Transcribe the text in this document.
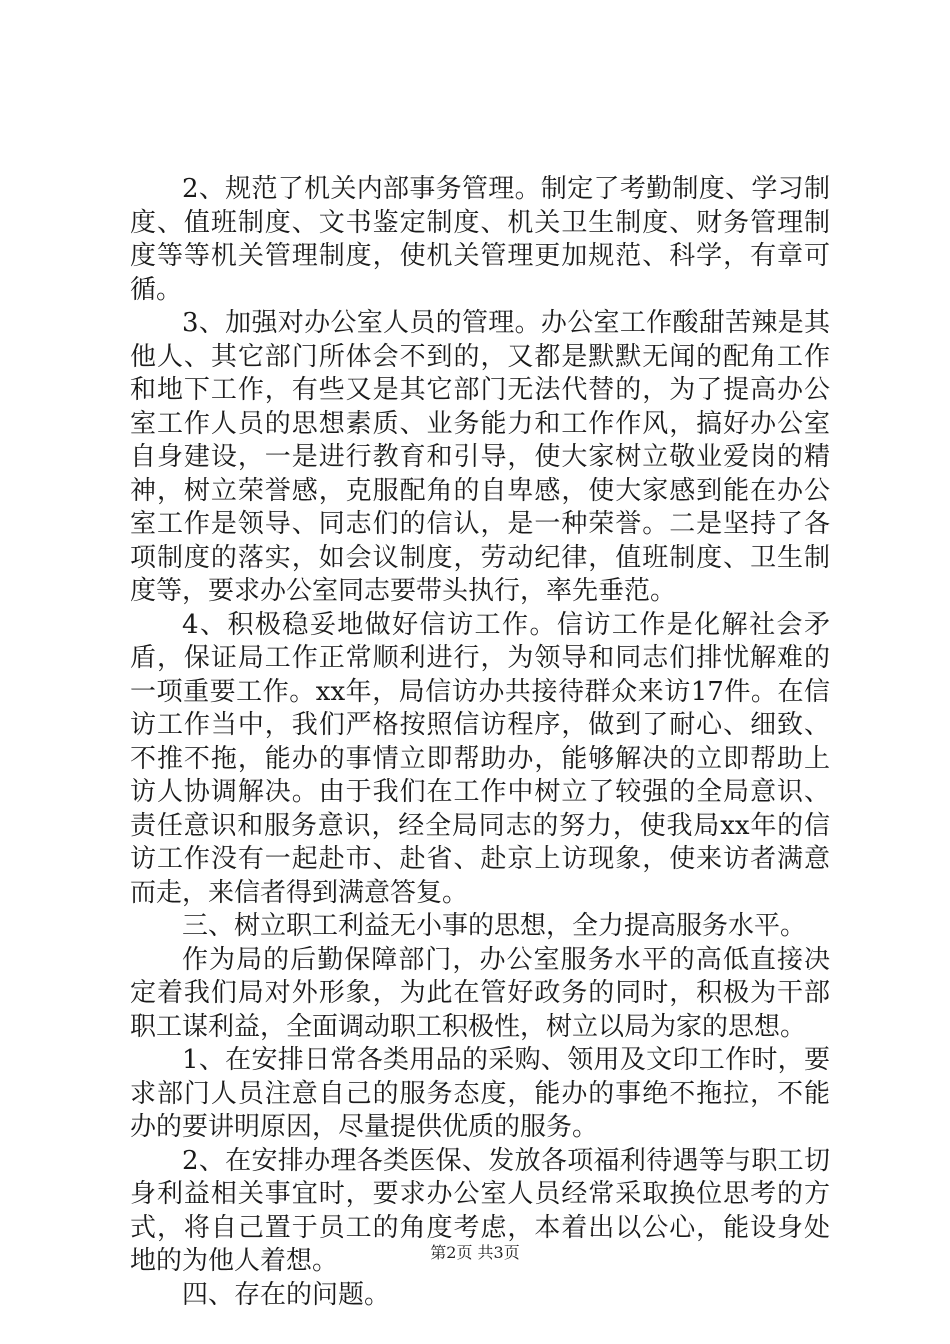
2、规范了机关内部事务管理。制定了考勤制度、学习制度、值班制度、文书鉴定制度、机关卫生制度、财务管理制度等等机关管理制度，使机关管理更加规范、科学，有章可循。

3、加强对办公室人员的管理。办公室工作酸甜苦辣是其他人、其它部门所体会不到的，又都是默默无闻的配角工作和地下工作，有些又是其它部门无法代替的，为了提高办公室工作人员的思想素质、业务能力和工作作风，搞好办公室自身建设，一是进行教育和引导，使大家树立敬业爱岗的精神，树立荣誉感，克服配角的自卑感，使大家感到能在办公室工作是领导、同志们的信认，是一种荣誉。二是坚持了各项制度的落实，如会议制度，劳动纪律，值班制度、卫生制度等，要求办公室同志要带头执行，率先垂范。

4、积极稳妥地做好信访工作。信访工作是化解社会矛盾，保证局工作正常顺利进行，为领导和同志们排忧解难的一项重要工作。xx年，局信访办共接待群众来访17件。在信访工作当中，我们严格按照信访程序，做到了耐心、细致、不推不拖，能办的事情立即帮助办，能够解决的立即帮助上访人协调解决。由于我们在工作中树立了较强的全局意识、责任意识和服务意识，经全局同志的努力，使我局xx年的信访工作没有一起赴市、赴省、赴京上访现象，使来访者满意而走，来信者得到满意答复。

三、树立职工利益无小事的思想，全力提高服务水平。

作为局的后勤保障部门，办公室服务水平的高低直接决定着我们局对外形象，为此在管好政务的同时，积极为干部职工谋利益，全面调动职工积极性，树立以局为家的思想。

1、在安排日常各类用品的采购、领用及文印工作时，要求部门人员注意自己的服务态度，能办的事绝不拖拉，不能办的要讲明原因，尽量提供优质的服务。

2、在安排办理各类医保、发放各项福利待遇等与职工切身利益相关事宜时，要求办公室人员经常采取换位思考的方式，将自己置于员工的角度考虑，本着出以公心，能设身处地的为他人着想。

四、存在的问题。

第2页 共3页
